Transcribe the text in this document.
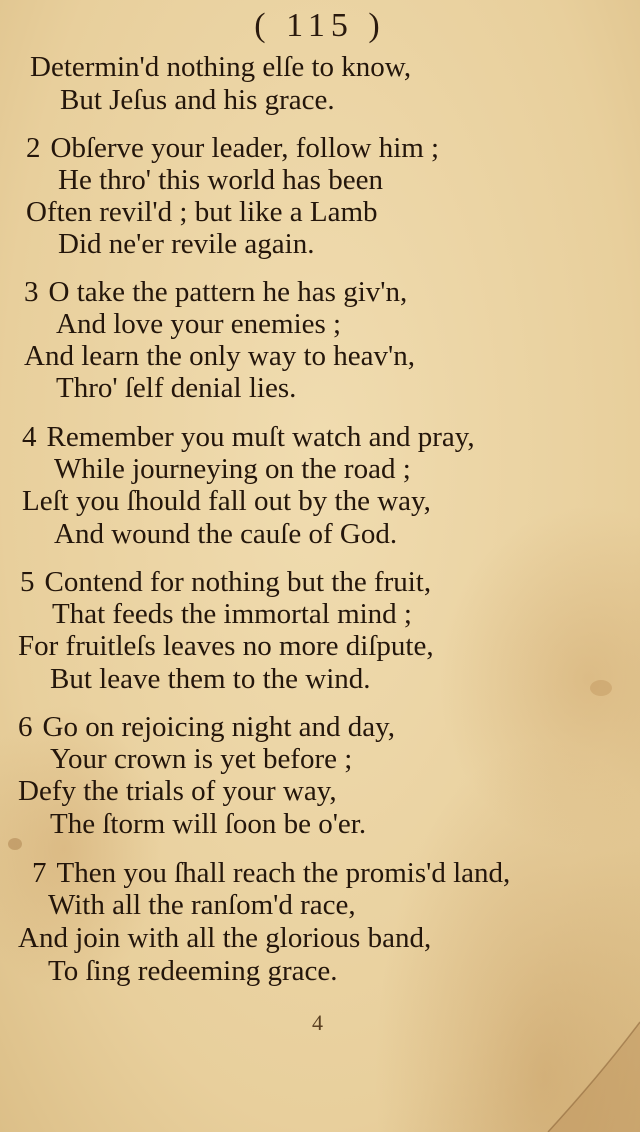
( 115 )
Determin'd nothing elſe to know,
But Jeſus and his grace.
2 Obſerve your leader, follow him ;
He thro' this world has been
Often revil'd ; but like a Lamb
Did ne'er revile again.
3 O take the pattern he has giv'n,
And love your enemies ;
And learn the only way to heav'n,
Thro' ſelf denial lies.
4 Remember you muſt watch and pray,
While journeying on the road ;
Leſt you ſhould fall out by the way,
And wound the cauſe of God.
5 Contend for nothing but the fruit,
That feeds the immortal mind ;
For fruitleſs leaves no more diſpute,
But leave them to the wind.
6 Go on rejoicing night and day,
Your crown is yet before ;
Defy the trials of your way,
The ſtorm will ſoon be o'er.
7 Then you ſhall reach the promis'd land,
With all the ranſom'd race,
And join with all the glorious band,
To ſing redeeming grace.
4
